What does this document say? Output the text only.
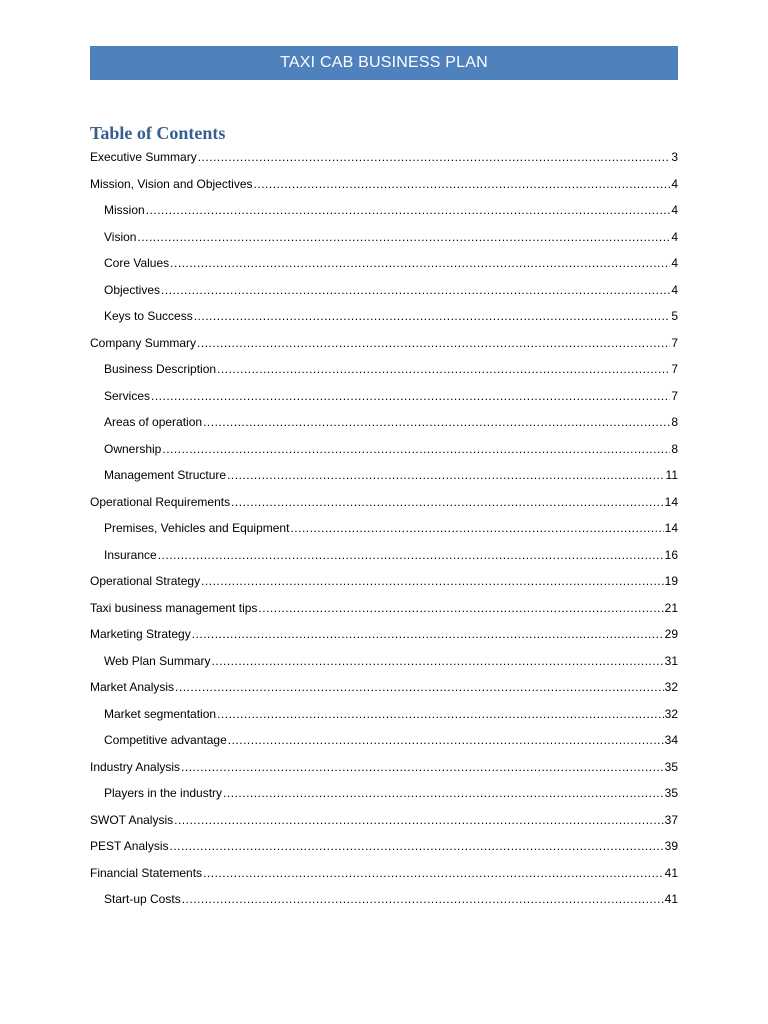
TAXI CAB BUSINESS PLAN
Table of Contents
Executive Summary .....	3
Mission, Vision and Objectives .....	4
Mission .....	4
Vision .....	4
Core Values .....	4
Objectives .....	4
Keys to Success .....	5
Company Summary .....	7
Business Description .....	7
Services .....	7
Areas of operation .....	8
Ownership .....	8
Management Structure .....	11
Operational Requirements .....	14
Premises, Vehicles and Equipment .....	14
Insurance .....	16
Operational Strategy .....	19
Taxi business management tips .....	21
Marketing Strategy .....	29
Web Plan Summary .....	31
Market Analysis .....	32
Market segmentation .....	32
Competitive advantage .....	34
Industry Analysis .....	35
Players in the industry .....	35
SWOT Analysis .....	37
PEST Analysis .....	39
Financial Statements .....	41
Start-up Costs .....	41
